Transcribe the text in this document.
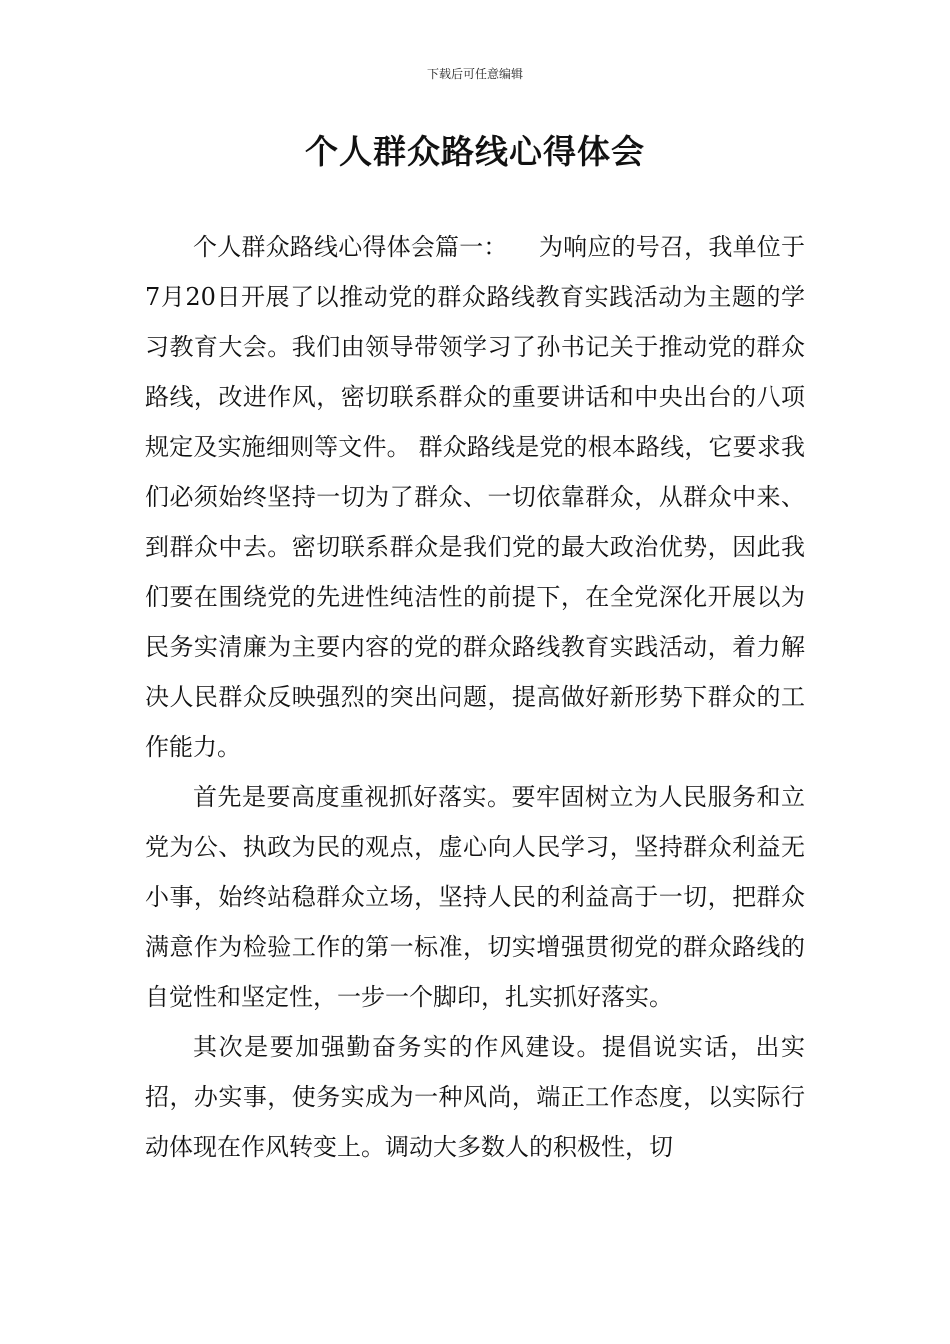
下载后可任意编辑
个人群众路线心得体会

个人群众路线心得体会篇一：    为响应的号召，我单位于7月20日开展了以推动党的群众路线教育实践活动为主题的学习教育大会。我们由领导带领学习了孙书记关于推动党的群众路线，改进作风，密切联系群众的重要讲话和中央出台的八项规定及实施细则等文件。 群众路线是党的根本路线，它要求我们必须始终坚持一切为了群众、一切依靠群众，从群众中来、到群众中去。密切联系群众是我们党的最大政治优势，因此我们要在围绕党的先进性纯洁性的前提下，在全党深化开展以为民务实清廉为主要内容的党的群众路线教育实践活动，着力解决人民群众反映强烈的突出问题，提高做好新形势下群众的工作能力。

首先是要高度重视抓好落实。要牢固树立为人民服务和立党为公、执政为民的观点，虚心向人民学习，坚持群众利益无小事，始终站稳群众立场，坚持人民的利益高于一切，把群众满意作为检验工作的第一标准，切实增强贯彻党的群众路线的自觉性和坚定性，一步一个脚印，扎实抓好落实。

其次是要加强勤奋务实的作风建设。提倡说实话，出实招，办实事，使务实成为一种风尚，端正工作态度，以实际行动体现在作风转变上。调动大多数人的积极性，切
